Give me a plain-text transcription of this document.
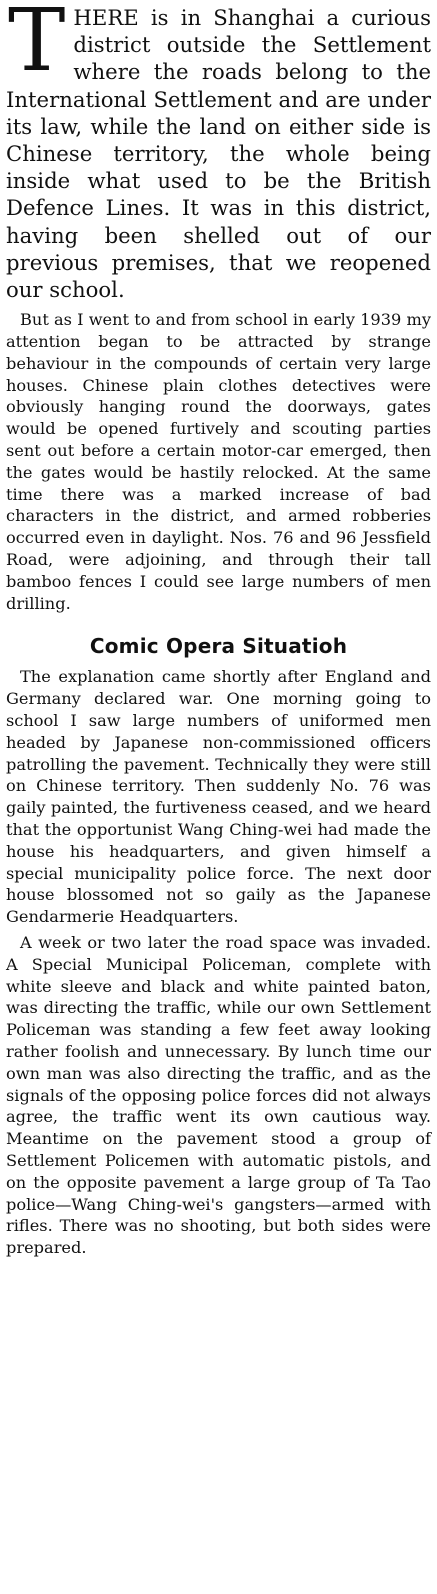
THERE is in Shanghai a curious district outside the Settlement where the roads belong to the International Settlement and are under its law, while the land on either side is Chinese territory, the whole being inside what used to be the British Defence Lines. It was in this district, having been shelled out of our previous premises, that we reopened our school.

But as I went to and from school in early 1939 my attention began to be attracted by strange behaviour in the compounds of certain very large houses. Chinese plain clothes detectives were obviously hanging round the doorways, gates would be opened furtively and scouting parties sent out before a certain motor-car emerged, then the gates would be hastily relocked. At the same time there was a marked increase of bad characters in the district, and armed robberies occurred even in daylight. Nos. 76 and 96 Jessfield Road, were adjoining, and through their tall bamboo fences I could see large numbers of men drilling.

Comic Opera Situatioh

The explanation came shortly after England and Germany declared war. One morning going to school I saw large numbers of uniformed men headed by Japanese non-commissioned officers patrolling the pavement. Technically they were still on Chinese territory. Then suddenly No. 76 was gaily painted, the furtiveness ceased, and we heard that the opportunist Wang Ching-wei had made the house his headquarters, and given himself a special municipality police force. The next door house blossomed not so gaily as the Japanese Gendarmerie Headquarters.

A week or two later the road space was invaded. A Special Municipal Policeman, complete with white sleeve and black and white painted baton, was directing the traffic, while our own Settlement Policeman was standing a few feet away looking rather foolish and unnecessary. By lunch time our own man was also directing the traffic, and as the signals of the opposing police forces did not always agree, the traffic went its own cautious way. Meantime on the pavement stood a group of Settlement Policemen with automatic pistols, and on the opposite pavement a large group of Ta Tao police—Wang Ching-wei's gangsters—armed with rifles. There was no shooting, but both sides were prepared.
